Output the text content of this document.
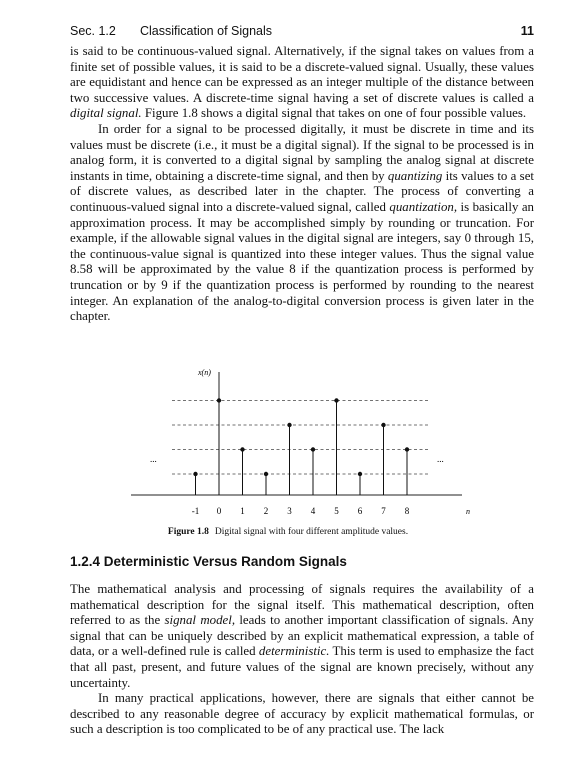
Sec. 1.2 Classification of Signals	11

is said to be continuous-valued signal. Alternatively, if the signal takes on values from a finite set of possible values, it is said to be a discrete-valued signal. Usually, these values are equidistant and hence can be expressed as an integer multiple of the distance between two successive values. A discrete-time signal having a set of discrete values is called a digital signal. Figure 1.8 shows a digital signal that takes on one of four possible values.

In order for a signal to be processed digitally, it must be discrete in time and its values must be discrete (i.e., it must be a digital signal). If the signal to be processed is in analog form, it is converted to a digital signal by sampling the analog signal at discrete instants in time, obtaining a discrete-time signal, and then by quantizing its values to a set of discrete values, as described later in the chapter. The process of converting a continuous-valued signal into a discrete-valued signal, called quantization, is basically an approximation process. It may be accomplished simply by rounding or truncation. For example, if the allowable signal values in the digital signal are integers, say 0 through 15, the continuous-value signal is quantized into these integer values. Thus the signal value 8.58 will be approximated by the value 8 if the quantization process is performed by truncation or by 9 if the quantization process is performed by rounding to the nearest integer. An explanation of the analog-to-digital conversion process is given later in the chapter.

x(n)
n
...	...
-1 0 1 2 3 4 5 6 7 8
Figure 1.8 Digital signal with four different amplitude values.
1.2.4 Deterministic Versus Random Signals

The mathematical analysis and processing of signals requires the availability of a mathematical description for the signal itself. This mathematical description, often referred to as the signal model, leads to another important classification of signals. Any signal that can be uniquely described by an explicit mathematical expression, a table of data, or a well-defined rule is called deterministic. This term is used to emphasize the fact that all past, present, and future values of the signal are known precisely, without any uncertainty.

In many practical applications, however, there are signals that either cannot be described to any reasonable degree of accuracy by explicit mathematical formulas, or such a description is too complicated to be of any practical use. The lack
